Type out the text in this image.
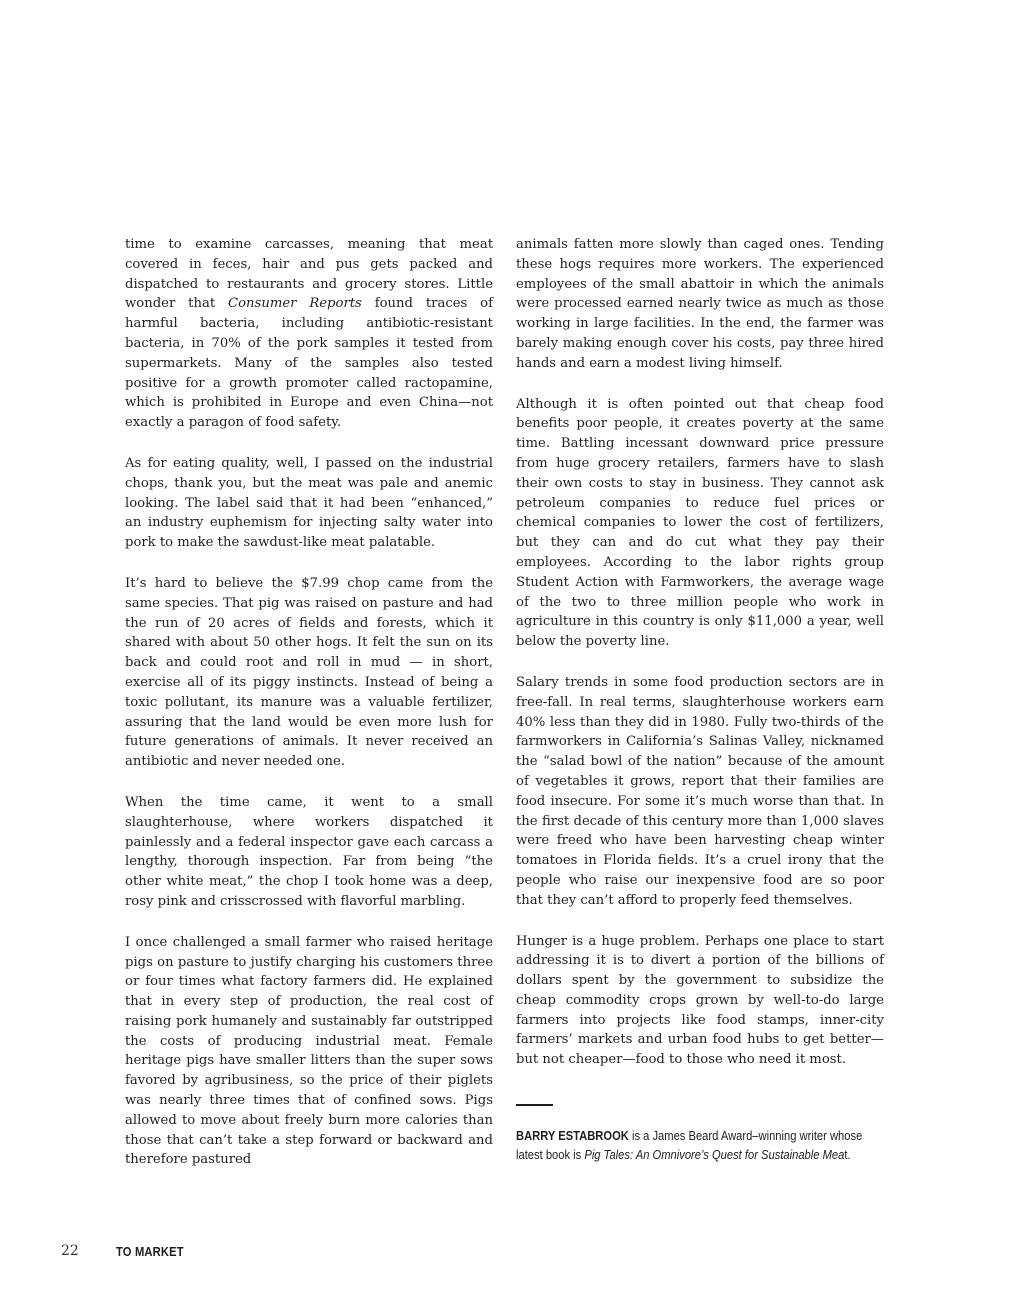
time to examine carcasses, meaning that meat covered in feces, hair and pus gets packed and dispatched to restaurants and grocery stores. Little wonder that Consumer Reports found traces of harmful bacteria, including antibiotic-resistant bacteria, in 70% of the pork samples it tested from supermarkets. Many of the samples also tested positive for a growth promoter called ractopamine, which is prohibited in Europe and even China—not exactly a paragon of food safety.

As for eating quality, well, I passed on the industrial chops, thank you, but the meat was pale and anemic looking. The label said that it had been “enhanced,” an industry euphemism for injecting salty water into pork to make the sawdust-like meat palatable.

It’s hard to believe the $7.99 chop came from the same species. That pig was raised on pasture and had the run of 20 acres of fields and forests, which it shared with about 50 other hogs. It felt the sun on its back and could root and roll in mud — in short, exercise all of its piggy instincts. Instead of being a toxic pollutant, its manure was a valuable fertilizer, assuring that the land would be even more lush for future generations of animals. It never received an antibiotic and never needed one.

When the time came, it went to a small slaughterhouse, where workers dispatched it painlessly and a federal inspector gave each carcass a lengthy, thorough inspection. Far from being “the other white meat,” the chop I took home was a deep, rosy pink and crisscrossed with flavorful marbling.

I once challenged a small farmer who raised heritage pigs on pasture to justify charging his customers three or four times what factory farmers did. He explained that in every step of production, the real cost of raising pork humanely and sustainably far outstripped the costs of producing industrial meat. Female heritage pigs have smaller litters than the super sows favored by agribusiness, so the price of their piglets was nearly three times that of confined sows. Pigs allowed to move about freely burn more calories than those that can’t take a step forward or backward and therefore pastured

animals fatten more slowly than caged ones. Tending these hogs requires more workers. The experienced employees of the small abattoir in which the animals were processed earned nearly twice as much as those working in large facilities. In the end, the farmer was barely making enough cover his costs, pay three hired hands and earn a modest living himself.

Although it is often pointed out that cheap food benefits poor people, it creates poverty at the same time. Battling incessant downward price pressure from huge grocery retailers, farmers have to slash their own costs to stay in business. They cannot ask petroleum companies to reduce fuel prices or chemical companies to lower the cost of fertilizers, but they can and do cut what they pay their employees. According to the labor rights group Student Action with Farmworkers, the average wage of the two to three million people who work in agriculture in this country is only $11,000 a year, well below the poverty line.

Salary trends in some food production sectors are in free-fall. In real terms, slaughterhouse workers earn 40% less than they did in 1980. Fully two-thirds of the farmworkers in California’s Salinas Valley, nicknamed the “salad bowl of the nation” because of the amount of vegetables it grows, report that their families are food insecure. For some it’s much worse than that. In the first decade of this century more than 1,000 slaves were freed who have been harvesting cheap winter tomatoes in Florida fields. It’s a cruel irony that the people who raise our inexpensive food are so poor that they can’t afford to properly feed themselves.

Hunger is a huge problem. Perhaps one place to start addressing it is to divert a portion of the billions of dollars spent by the government to subsidize the cheap commodity crops grown by well-to-do large farmers into projects like food stamps, inner-city farmers’ markets and urban food hubs to get better—but not cheaper—food to those who need it most.

BARRY ESTABROOK is a James Beard Award–winning writer whose latest book is Pig Tales: An Omnivore’s Quest for Sustainable Meat.
22	TO MARKET
